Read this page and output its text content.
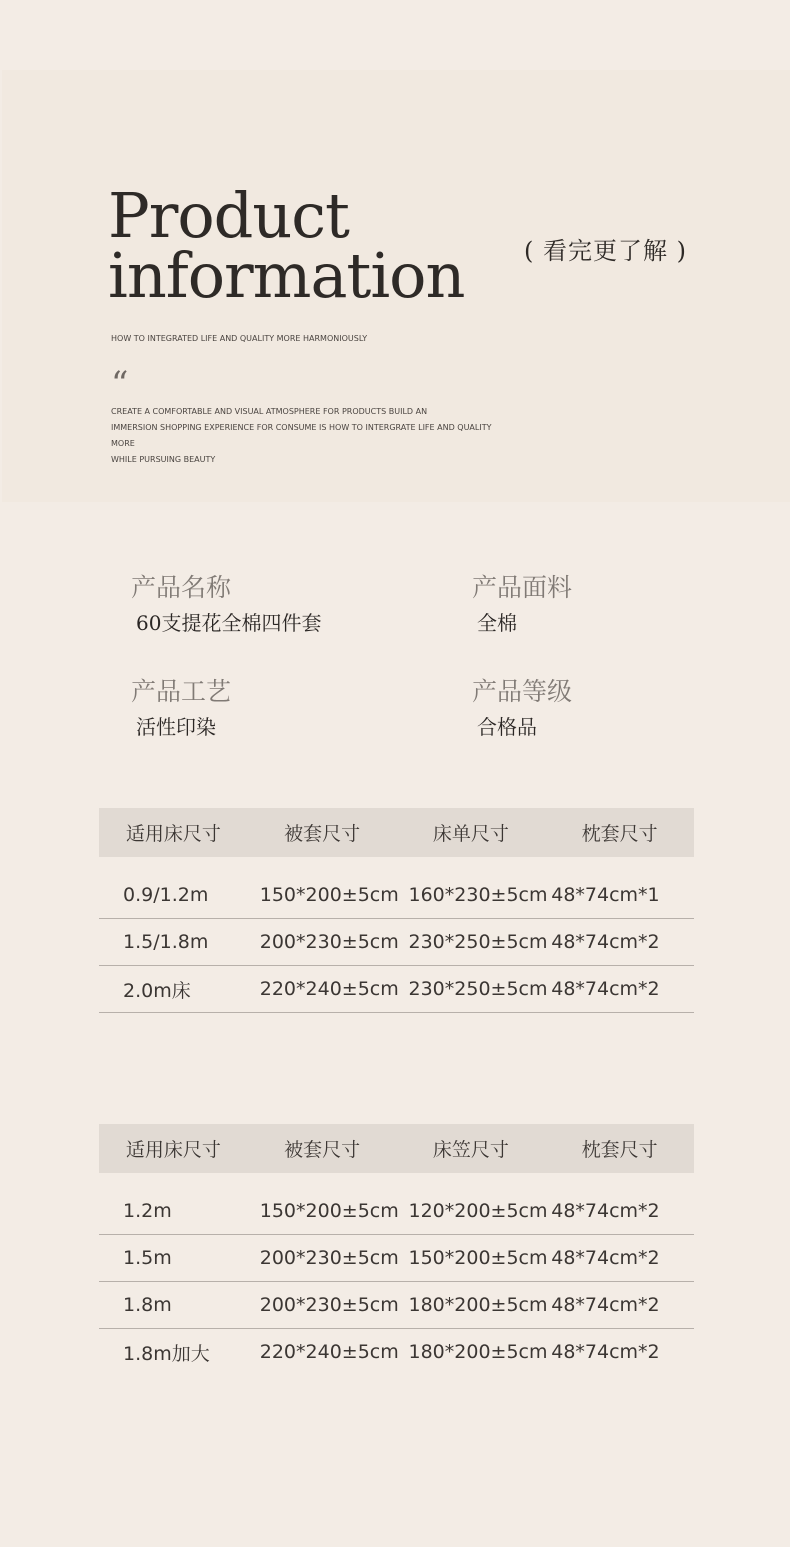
Product
information ( 看完更了解 )
HOW TO INTEGRATED LIFE AND QUALITY MORE HARMONIOUSLY
“

CREATE A COMFORTABLE AND VISUAL ATMOSPHERE FOR PRODUCTS BUILD AN
IMMERSION SHOPPING EXPERIENCE FOR CONSUME IS HOW TO INTERGRATE LIFE AND QUALITY MORE
WHILE PURSUING BEAUTY

产品名称
60支提花全棉四件套
产品面料
全棉
产品工艺
活性印染
产品等级
合格品
适用床尺寸	被套尺寸	床单尺寸	枕套尺寸
0.9/1.2m	150*200±5cm 160*230±5cm 48*74cm*1
1.5/1.8m	200*230±5cm 230*250±5cm 48*74cm*2
2.0m床	220*240±5cm 230*250±5cm 48*74cm*2
适用床尺寸	被套尺寸	床笠尺寸	枕套尺寸
1.2m	150*200±5cm 120*200±5cm 48*74cm*2
1.5m	200*230±5cm 150*200±5cm 48*74cm*2
1.8m	200*230±5cm 180*200±5cm 48*74cm*2
1.8m加大	220*240±5cm 180*200±5cm 48*74cm*2
